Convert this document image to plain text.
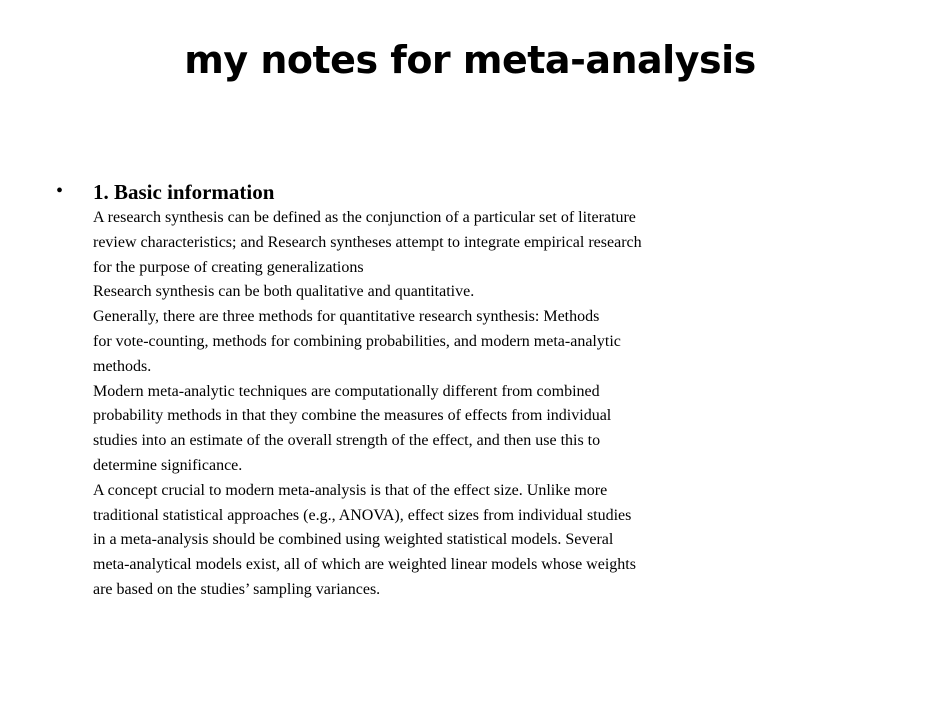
my notes for meta-analysis
• 1. Basic information
A research synthesis can be defined as the conjunction of a particular set of literature
review characteristics; and Research syntheses attempt to integrate empirical research
for the purpose of creating generalizations
Research synthesis can be both qualitative and quantitative.
Generally, there are three methods for quantitative research synthesis: Methods
for vote-counting, methods for combining probabilities, and modern meta-analytic
methods.
Modern meta-analytic techniques are computationally different from combined
probability methods in that they combine the measures of effects from individual
studies into an estimate of the overall strength of the effect, and then use this to
determine significance.
A concept crucial to modern meta-analysis is that of the effect size. Unlike more
traditional statistical approaches (e.g., ANOVA), effect sizes from individual studies
in a meta-analysis should be combined using weighted statistical models. Several
meta-analytical models exist, all of which are weighted linear models whose weights
are based on the studies’ sampling variances.
